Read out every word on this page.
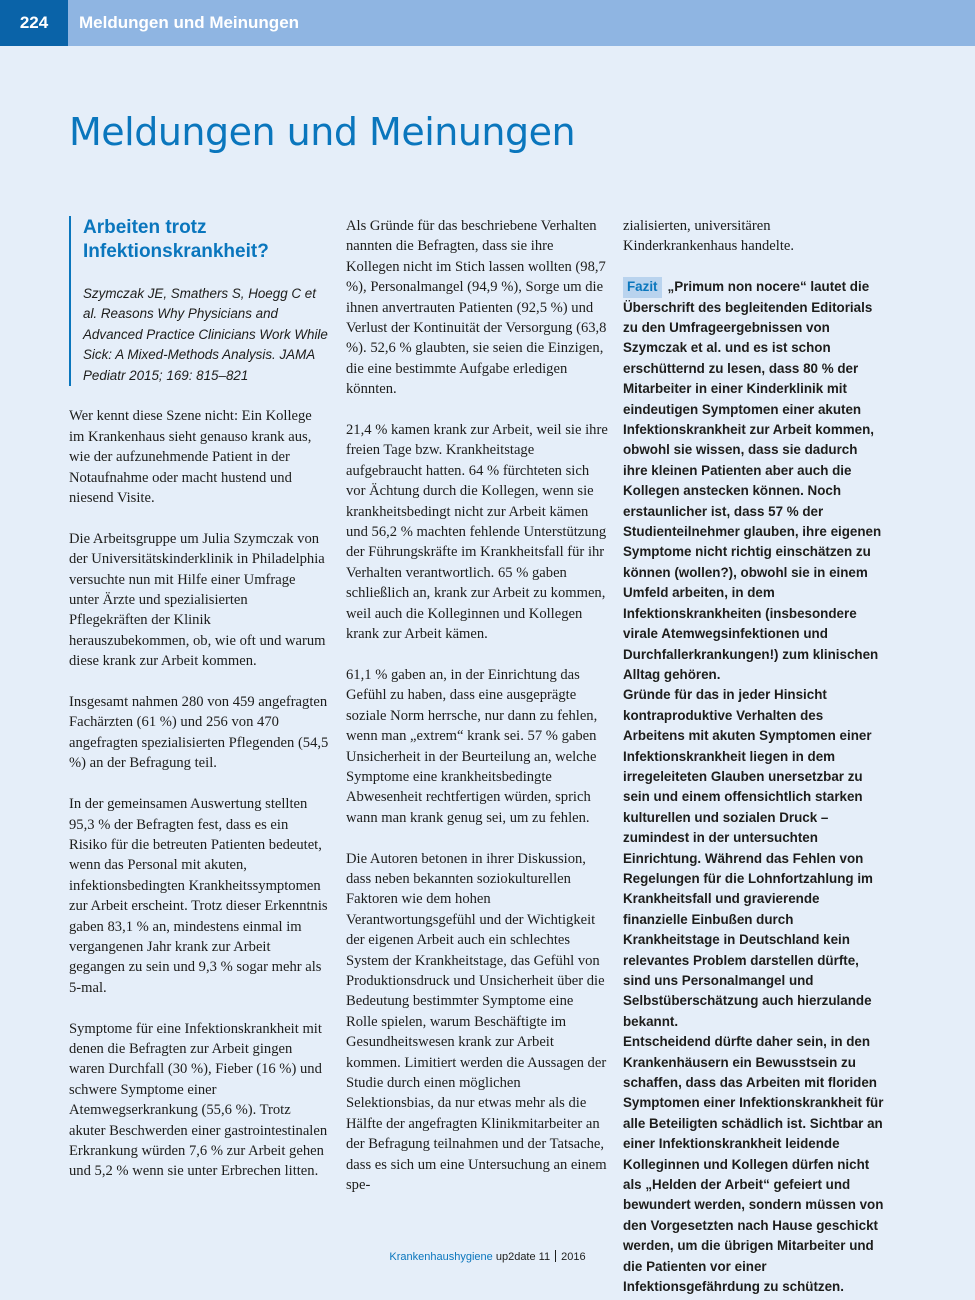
224	Meldungen und Meinungen
Meldungen und Meinungen
Arbeiten trotz Infektionskrankheit?

Szymczak JE, Smathers S, Hoegg C et al. Reasons Why Physicians and Advanced Practice Clinicians Work While Sick: A Mixed-Methods Analysis. JAMA Pediatr 2015; 169: 815–821

Wer kennt diese Szene nicht: Ein Kollege im Krankenhaus sieht genauso krank aus, wie der aufzunehmende Patient in der Notaufnahme oder macht hustend und niesend Visite.

Die Arbeitsgruppe um Julia Szymczak von der Universitätskinderklinik in Philadelphia versuchte nun mit Hilfe einer Umfrage unter Ärzte und spezialisierten Pflegekräften der Klinik herauszubekommen, ob, wie oft und warum diese krank zur Arbeit kommen.

Insgesamt nahmen 280 von 459 angefragten Fachärzten (61 %) und 256 von 470 angefragten spezialisierten Pflegenden (54,5 %) an der Befragung teil.

In der gemeinsamen Auswertung stellten 95,3 % der Befragten fest, dass es ein Risiko für die betreuten Patienten bedeutet, wenn das Personal mit akuten, infektionsbedingten Krankheitssymptomen zur Arbeit erscheint. Trotz dieser Erkenntnis gaben 83,1 % an, mindestens einmal im vergangenen Jahr krank zur Arbeit gegangen zu sein und 9,3 % sogar mehr als 5-mal.

Symptome für eine Infektionskrankheit mit denen die Befragten zur Arbeit gingen waren Durchfall (30 %), Fieber (16 %) und schwere Symptome einer Atemwegserkrankung (55,6 %). Trotz akuter Beschwerden einer gastrointestinalen Erkrankung würden 7,6 % zur Arbeit gehen und 5,2 % wenn sie unter Erbrechen litten.

Als Gründe für das beschriebene Verhalten nannten die Befragten, dass sie ihre Kollegen nicht im Stich lassen wollten (98,7 %), Personalmangel (94,9 %), Sorge um die ihnen anvertrauten Patienten (92,5 %) und Verlust der Kontinuität der Versorgung (63,8 %). 52,6 % glaubten, sie seien die Einzigen, die eine bestimmte Aufgabe erledigen könnten.

21,4 % kamen krank zur Arbeit, weil sie ihre freien Tage bzw. Krankheitstage aufgebraucht hatten. 64 % fürchteten sich vor Ächtung durch die Kollegen, wenn sie krankheitsbedingt nicht zur Arbeit kämen und 56,2 % machten fehlende Unterstützung der Führungskräfte im Krankheitsfall für ihr Verhalten verantwortlich. 65 % gaben schließlich an, krank zur Arbeit zu kommen, weil auch die Kolleginnen und Kollegen krank zur Arbeit kämen.

61,1 % gaben an, in der Einrichtung das Gefühl zu haben, dass eine ausgeprägte soziale Norm herrsche, nur dann zu fehlen, wenn man „extrem“ krank sei. 57 % gaben Unsicherheit in der Beurteilung an, welche Symptome eine krankheitsbedingte Abwesenheit rechtfertigen würden, sprich wann man krank genug sei, um zu fehlen.

Die Autoren betonen in ihrer Diskussion, dass neben bekannten soziokulturellen Faktoren wie dem hohen Verantwortungsgefühl und der Wichtigkeit der eigenen Arbeit auch ein schlechtes System der Krankheitstage, das Gefühl von Produktionsdruck und Unsicherheit über die Bedeutung bestimmter Symptome eine Rolle spielen, warum Beschäftigte im Gesundheitswesen krank zur Arbeit kommen. Limitiert werden die Aussagen der Studie durch einen möglichen Selektionsbias, da nur etwas mehr als die Hälfte der angefragten Klinikmitarbeiter an der Befragung teilnahmen und der Tatsache, dass es sich um eine Untersuchung an einem spe-

zialisierten, universitären Kinderkrankenhaus handelte.

Fazit „Primum non nocere“ lautet die Überschrift des begleitenden Editorials zu den Umfrageergebnissen von Szymczak et al. und es ist schon erschütternd zu lesen, dass 80 % der Mitarbeiter in einer Kinderklinik mit eindeutigen Symptomen einer akuten Infektionskrankheit zur Arbeit kommen, obwohl sie wissen, dass sie dadurch ihre kleinen Patienten aber auch die Kollegen anstecken können. Noch erstaunlicher ist, dass 57 % der Studienteilnehmer glauben, ihre eigenen Symptome nicht richtig einschätzen zu können (wollen?), obwohl sie in einem Umfeld arbeiten, in dem Infektionskrankheiten (insbesondere virale Atemwegsinfektionen und Durchfallerkrankungen!) zum klinischen Alltag gehören.

Gründe für das in jeder Hinsicht kontraproduktive Verhalten des Arbeitens mit akuten Symptomen einer Infektionskrankheit liegen in dem irregeleiteten Glauben unersetzbar zu sein und einem offensichtlich starken kulturellen und sozialen Druck – zumindest in der untersuchten Einrichtung. Während das Fehlen von Regelungen für die Lohnfortzahlung im Krankheitsfall und gravierende finanzielle Einbußen durch Krankheitstage in Deutschland kein relevantes Problem darstellen dürfte, sind uns Personalmangel und Selbstüberschätzung auch hierzulande bekannt.

Entscheidend dürfte daher sein, in den Krankenhäusern ein Bewusstsein zu schaffen, dass das Arbeiten mit floriden Symptomen einer Infektionskrankheit für alle Beteiligten schädlich ist. Sichtbar an einer Infektionskrankheit leidende Kolleginnen und Kollegen dürfen nicht als „Helden der Arbeit“ gefeiert und bewundert werden, sondern müssen von den Vorgesetzten nach Hause geschickt werden, um die übrigen Mitarbeiter und die Patienten vor einer Infektionsgefährdung zu schützen.

Krankenhaushygiene up2date 11 2016
